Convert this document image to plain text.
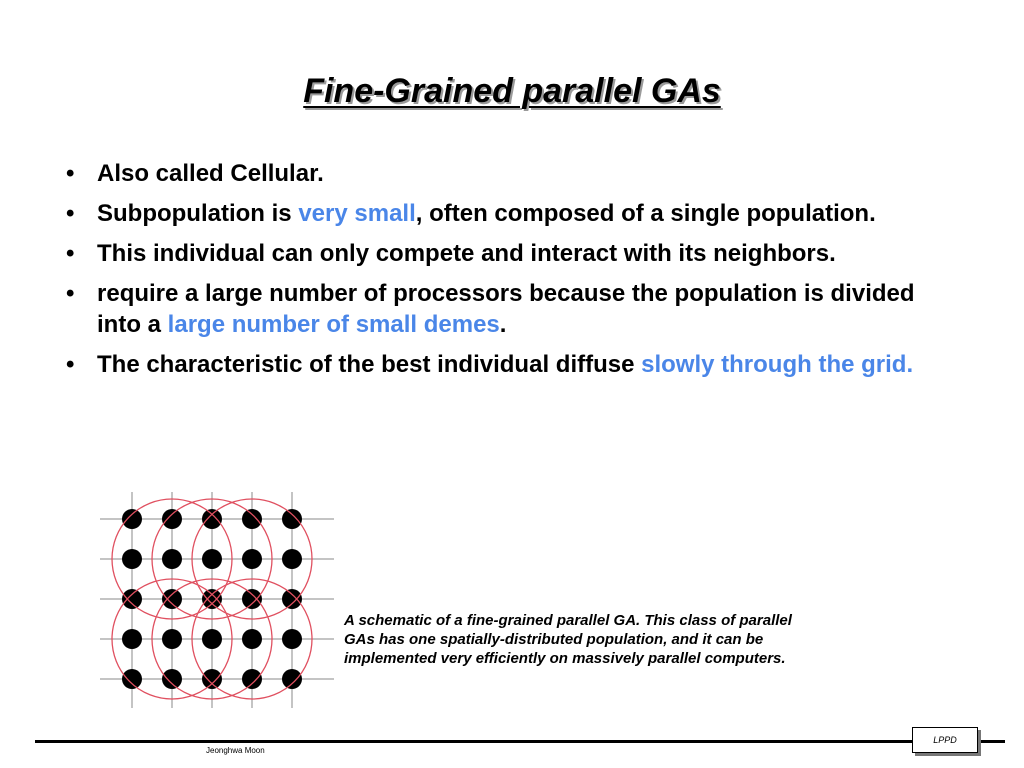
Fine-Grained parallel GAs
• Also called Cellular.
• Subpopulation is very small, often composed of a single population.
• This individual can only compete and interact with its neighbors.
• require a large number of processors because the population is divided into a large number of small demes.
• The characteristic of the best individual diffuse slowly through the grid.
A schematic of a fine-grained parallel GA. This class of parallel GAs has one spatially-distributed population, and it can be implemented very efficiently on massively parallel computers.
Jeonghwa Moon
LPPD
